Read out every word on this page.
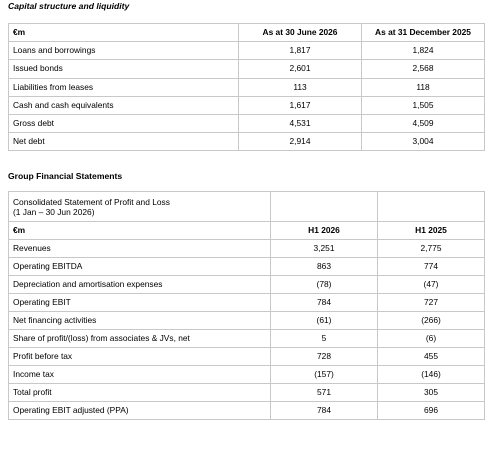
Capital structure and liquidity
€m	As at 30 June 2026	As at 31 December 2025
Loans and borrowings	1,817	1,824
Issued bonds	2,601	2,568
Liabilities from leases	113	118
Cash and cash equivalents	1,617	1,505
Gross debt	4,531	4,509
Net debt	2,914	3,004
Group Financial Statements
Consolidated Statement of Profit and Loss
(1 Jan – 30 Jun 2026)		
€m	H1 2026	H1 2025
Revenues	3,251	2,775
Operating EBITDA	863	774
Depreciation and amortisation expenses	(78)	(47)
Operating EBIT	784	727
Net financing activities	(61)	(266)
Share of profit/(loss) from associates & JVs, net	5	(6)
Profit before tax	728	455
Income tax	(157)	(146)
Total profit	571	305
Operating EBIT adjusted (PPA)	784	696
